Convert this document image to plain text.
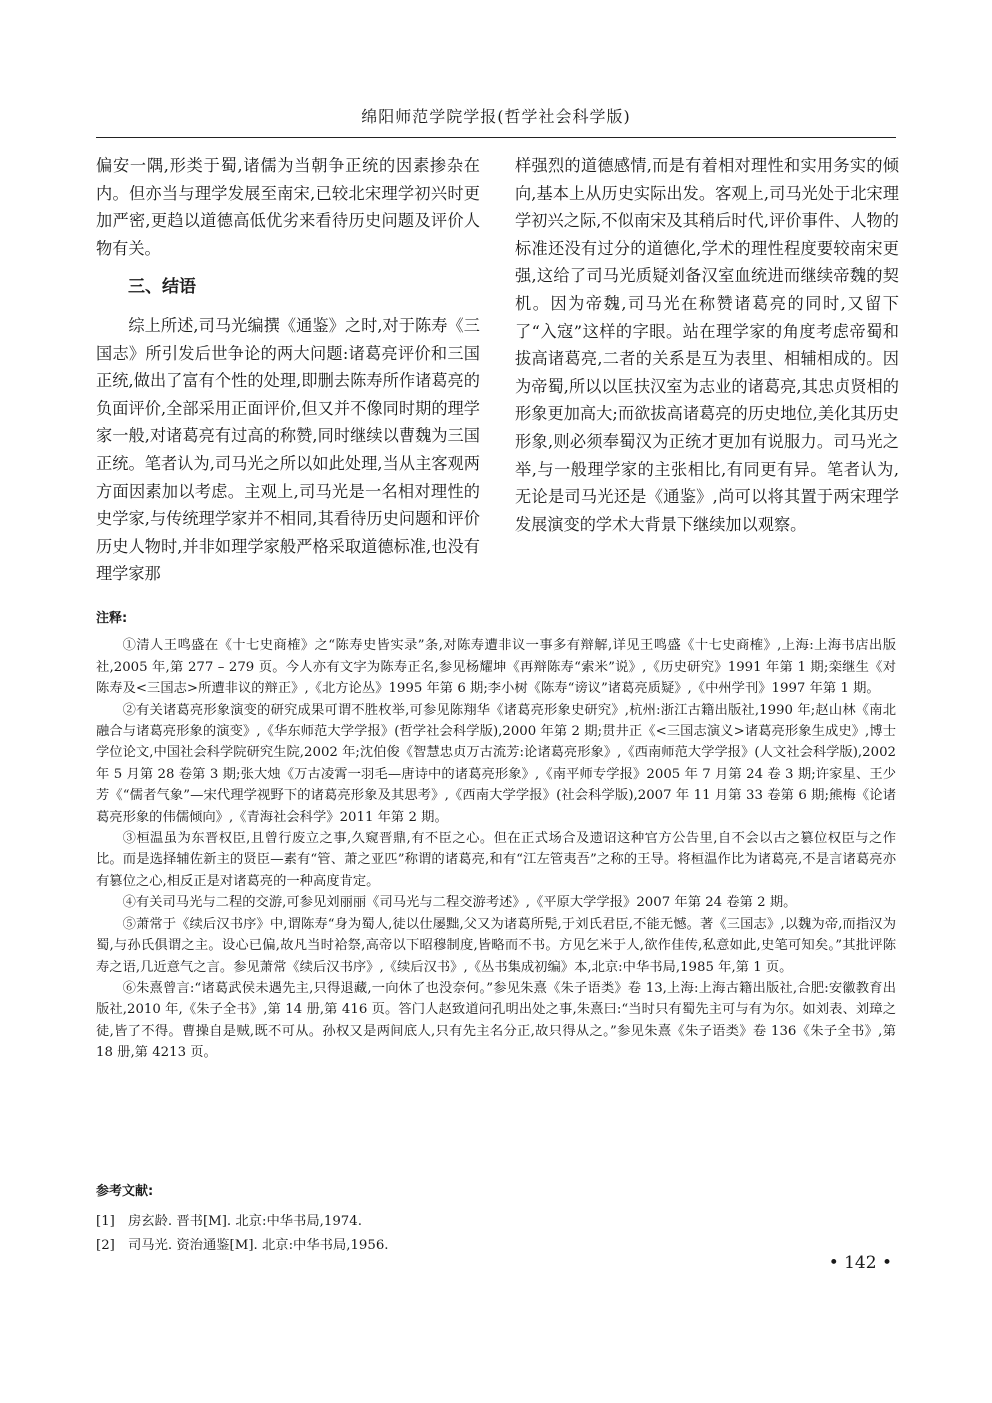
绵阳师范学院学报(哲学社会科学版)

偏安一隅,形类于蜀,诸儒为当朝争正统的因素掺杂在内。但亦当与理学发展至南宋,已较北宋理学初兴时更加严密,更趋以道德高低优劣来看待历史问题及评价人物有关。

三、结语

综上所述,司马光编撰《通鉴》之时,对于陈寿《三国志》所引发后世争论的两大问题:诸葛亮评价和三国正统,做出了富有个性的处理,即删去陈寿所作诸葛亮的负面评价,全部采用正面评价,但又并不像同时期的理学家一般,对诸葛亮有过高的称赞,同时继续以曹魏为三国正统。笔者认为,司马光之所以如此处理,当从主客观两方面因素加以考虑。主观上,司马光是一名相对理性的史学家,与传统理学家并不相同,其看待历史问题和评价历史人物时,并非如理学家般严格采取道德标准,也没有理学家那

样强烈的道德感情,而是有着相对理性和实用务实的倾向,基本上从历史实际出发。客观上,司马光处于北宋理学初兴之际,不似南宋及其稍后时代,评价事件、人物的标准还没有过分的道德化,学术的理性程度要较南宋更强,这给了司马光质疑刘备汉室血统进而继续帝魏的契机。因为帝魏,司马光在称赞诸葛亮的同时,又留下了“入寇”这样的字眼。站在理学家的角度考虑帝蜀和拔高诸葛亮,二者的关系是互为表里、相辅相成的。因为帝蜀,所以以匡扶汉室为志业的诸葛亮,其忠贞贤相的形象更加高大;而欲拔高诸葛亮的历史地位,美化其历史形象,则必须奉蜀汉为正统才更加有说服力。司马光之举,与一般理学家的主张相比,有同更有异。笔者认为,无论是司马光还是《通鉴》,尚可以将其置于两宋理学发展演变的学术大背景下继续加以观察。

注释:

①清人王鸣盛在《十七史商榷》之“陈寿史皆实录”条,对陈寿遭非议一事多有辩解,详见王鸣盛《十七史商榷》,上海:上海书店出版社,2005 年,第 277 – 279 页。今人亦有文字为陈寿正名,参见杨耀坤《再辩陈寿“索米”说》,《历史研究》1991 年第 1 期;栾继生《对陈寿及<三国志>所遭非议的辩正》,《北方论丛》1995 年第 6 期;李小树《陈寿“谤议”诸葛亮质疑》,《中州学刊》1997 年第 1 期。

②有关诸葛亮形象演变的研究成果可谓不胜枚举,可参见陈翔华《诸葛亮形象史研究》,杭州:浙江古籍出版社,1990 年;赵山林《南北融合与诸葛亮形象的演变》,《华东师范大学学报》(哲学社会科学版),2000 年第 2 期;贯井正《<三国志演义>诸葛亮形象生成史》,博士学位论文,中国社会科学院研究生院,2002 年;沈伯俊《智慧忠贞万古流芳:论诸葛亮形象》,《西南师范大学学报》(人文社会科学版),2002 年 5 月第 28 卷第 3 期;张大烛《万古凌霄一羽毛—唐诗中的诸葛亮形象》,《南平师专学报》2005 年 7 月第 24 卷 3 期;许家星、王少芳《“儒者气象”—宋代理学视野下的诸葛亮形象及其思考》,《西南大学学报》(社会科学版),2007 年 11 月第 33 卷第 6 期;熊梅《论诸葛亮形象的伟儒倾向》,《青海社会科学》2011 年第 2 期。

③桓温虽为东晋权臣,且曾行废立之事,久窥晋鼎,有不臣之心。但在正式场合及遗诏这种官方公告里,自不会以古之篡位权臣与之作比。而是选择辅佐新主的贤臣—素有“管、萧之亚匹”称谓的诸葛亮,和有“江左管夷吾”之称的王导。将桓温作比为诸葛亮,不是言诸葛亮亦有篡位之心,相反正是对诸葛亮的一种高度肯定。

④有关司马光与二程的交游,可参见刘丽丽《司马光与二程交游考述》,《平原大学学报》2007 年第 24 卷第 2 期。

⑤萧常于《续后汉书序》中,谓陈寿“身为蜀人,徒以仕屡黜,父又为诸葛所髡,于刘氏君臣,不能无憾。著《三国志》,以魏为帝,而指汉为蜀,与孙氏俱谓之主。设心已偏,故凡当时袷祭,高帝以下昭穆制度,皆略而不书。方见乞米于人,欲作佳传,私意如此,史笔可知矣。”其批评陈寿之语,几近意气之言。参见萧常《续后汉书序》,《续后汉书》,《丛书集成初编》本,北京:中华书局,1985 年,第 1 页。

⑥朱熹曾言:“诸葛武侯未遇先主,只得退藏,一向休了也没奈何。”参见朱熹《朱子语类》卷 13,上海:上海古籍出版社,合肥:安徽教育出版社,2010 年,《朱子全书》,第 14 册,第 416 页。答门人赵致道问孔明出处之事,朱熹曰:“当时只有蜀先主可与有为尔。如刘表、刘璋之徒,皆了不得。曹操自是贼,既不可从。孙权又是两间底人,只有先主名分正,故只得从之。”参见朱熹《朱子语类》卷 136《朱子全书》,第 18 册,第 4213 页。

参考文献:
[1] 房玄龄. 晋书[M]. 北京:中华书局,1974.
[2] 司马光. 资治通鉴[M]. 北京:中华书局,1956.
• 142 •
